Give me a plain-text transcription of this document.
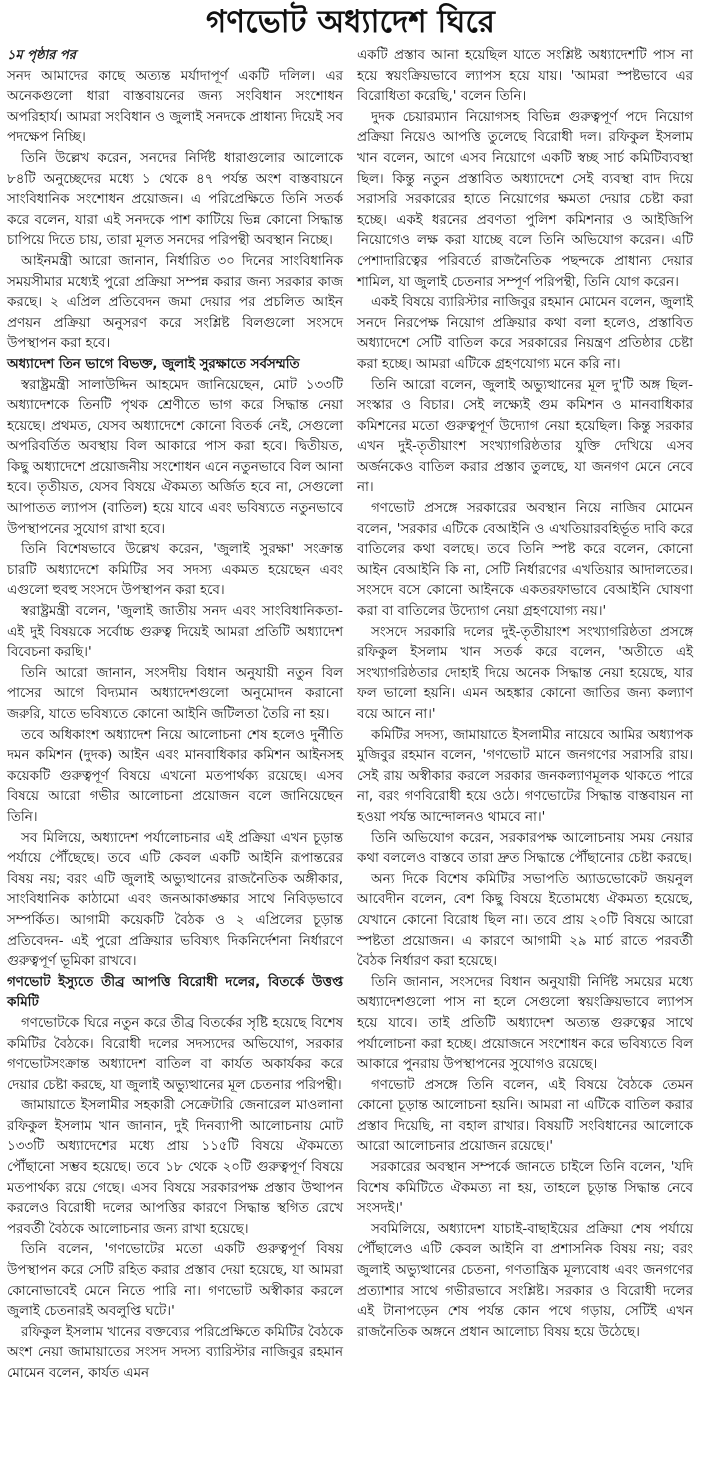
গণভোট অধ্যাদেশ ঘিরে
১ম পৃষ্ঠার পর

সনদ আমাদের কাছে অত্যন্ত মর্যাদাপূর্ণ একটি দলিল। এর অনেকগুলো ধারা বাস্তবায়নের জন্য সংবিধান সংশোধন অপরিহার্য। আমরা সংবিধান ও জুলাই সনদকে প্রাধান্য দিয়েই সব পদক্ষেপ নিচ্ছি।

তিনি উল্লেখ করেন, সনদের নির্দিষ্ট ধারাগুলোর আলোকে ৮৪টি অনুচ্ছেদের মধ্যে ১ থেকে ৪৭ পর্যন্ত অংশ বাস্তবায়নে সাংবিধানিক সংশোধন প্রয়োজন। এ পরিপ্রেক্ষিতে তিনি সতর্ক করে বলেন, যারা এই সনদকে পাশ কাটিয়ে ভিন্ন কোনো সিদ্ধান্ত চাপিয়ে দিতে চায়, তারা মূলত সনদের পরিপন্থী অবস্থান নিচ্ছে।

আইনমন্ত্রী আরো জানান, নির্ধারিত ৩০ দিনের সাংবিধানিক সময়সীমার মধ্যেই পুরো প্রক্রিয়া সম্পন্ন করার জন্য সরকার কাজ করছে। ২ এপ্রিল প্রতিবেদন জমা দেয়ার পর প্রচলিত আইন প্রণয়ন প্রক্রিয়া অনুসরণ করে সংশ্লিষ্ট বিলগুলো সংসদে উপস্থাপন করা হবে।

অধ্যাদেশ তিন ভাগে বিভক্ত, জুলাই সুরক্ষাতে সর্বসম্মতি

স্বরাষ্ট্রমন্ত্রী সালাউদ্দিন আহমেদ জানিয়েছেন, মোট ১৩৩টি অধ্যাদেশকে তিনটি পৃথক শ্রেণীতে ভাগ করে সিদ্ধান্ত নেয়া হয়েছে। প্রথমত, যেসব অধ্যাদেশে কোনো বিতর্ক নেই, সেগুলো অপরিবর্তিত অবস্থায় বিল আকারে পাস করা হবে। দ্বিতীয়ত, কিছু অধ্যাদেশে প্রয়োজনীয় সংশোধন এনে নতুনভাবে বিল আনা হবে। তৃতীয়ত, যেসব বিষয়ে ঐকমত্য অর্জিত হবে না, সেগুলো আপাতত ল্যাপস (বাতিল) হয়ে যাবে এবং ভবিষ্যতে নতুনভাবে উপস্থাপনের সুযোগ রাখা হবে।

তিনি বিশেষভাবে উল্লেখ করেন, 'জুলাই সুরক্ষা' সংক্রান্ত চারটি অধ্যাদেশে কমিটির সব সদস্য একমত হয়েছেন এবং এগুলো হুবহু সংসদে উপস্থাপন করা হবে।

স্বরাষ্ট্রমন্ত্রী বলেন, 'জুলাই জাতীয় সনদ এবং সাংবিধানিকতা- এই দুই বিষয়কে সর্বোচ্চ গুরুত্ব দিয়েই আমরা প্রতিটি অধ্যাদেশ বিবেচনা করছি।'

তিনি আরো জানান, সংসদীয় বিধান অনুযায়ী নতুন বিল পাসের আগে বিদ্যমান অধ্যাদেশগুলো অনুমোদন করানো জরুরি, যাতে ভবিষ্যতে কোনো আইনি জটিলতা তৈরি না হয়।

তবে অধিকাংশ অধ্যাদেশ নিয়ে আলোচনা শেষ হলেও দুর্নীতি দমন কমিশন (দুদক) আইন এবং মানবাধিকার কমিশন আইনসহ কয়েকটি গুরুত্বপূর্ণ বিষয়ে এখনো মতপার্থক্য রয়েছে। এসব বিষয়ে আরো গভীর আলোচনা প্রয়োজন বলে জানিয়েছেন তিনি।

সব মিলিয়ে, অধ্যাদেশ পর্যালোচনার এই প্রক্রিয়া এখন চূড়ান্ত পর্যায়ে পৌঁছেছে। তবে এটি কেবল একটি আইনি রূপান্তরের বিষয় নয়; বরং এটি জুলাই অভ্যুত্থানের রাজনৈতিক অঙ্গীকার, সাংবিধানিক কাঠামো এবং জনআকাঙ্ক্ষার সাথে নিবিড়ভাবে সম্পর্কিত। আগামী কয়েকটি বৈঠক ও ২ এপ্রিলের চূড়ান্ত প্রতিবেদন- এই পুরো প্রক্রিয়ার ভবিষ্যৎ দিকনির্দেশনা নির্ধারণে গুরুত্বপূর্ণ ভূমিকা রাখবে।

গণভোট ইস্যুতে তীব্র আপত্তি বিরোধী দলের, বিতর্কে উত্তপ্ত কমিটি

গণভোটকে ঘিরে নতুন করে তীব্র বিতর্কের সৃষ্টি হয়েছে বিশেষ কমিটির বৈঠকে। বিরোধী দলের সদস্যদের অভিযোগ, সরকার গণভোটসংক্রান্ত অধ্যাদেশ বাতিল বা কার্যত অকার্যকর করে দেয়ার চেষ্টা করছে, যা জুলাই অভ্যুত্থানের মূল চেতনার পরিপন্থী।

জামায়াতে ইসলামীর সহকারী সেক্রেটারি জেনারেল মাওলানা রফিকুল ইসলাম খান জানান, দুই দিনব্যাপী আলোচনায় মোট ১৩৩টি অধ্যাদেশের মধ্যে প্রায় ১১৫টি বিষয়ে ঐকমত্যে পৌঁছানো সম্ভব হয়েছে। তবে ১৮ থেকে ২০টি গুরুত্বপূর্ণ বিষয়ে মতপার্থক্য রয়ে গেছে। এসব বিষয়ে সরকারপক্ষ প্রস্তাব উত্থাপন করলেও বিরোধী দলের আপত্তির কারণে সিদ্ধান্ত স্থগিত রেখে পরবর্তী বৈঠকে আলোচনার জন্য রাখা হয়েছে।

তিনি বলেন, 'গণভোটের মতো একটি গুরুত্বপূর্ণ বিষয় উপস্থাপন করে সেটি রহিত করার প্রস্তাব দেয়া হয়েছে, যা আমরা কোনোভাবেই মেনে নিতে পারি না। গণভোট অস্বীকার করলে জুলাই চেতনারই অবলুপ্তি ঘটে।'

রফিকুল ইসলাম খানের বক্তব্যের পরিপ্রেক্ষিতে কমিটির বৈঠকে অংশ নেয়া জামায়াতের সংসদ সদস্য ব্যারিস্টার নাজিবুর রহমান মোমেন বলেন, কার্যত এমন

একটি প্রস্তাব আনা হয়েছিল যাতে সংশ্লিষ্ট অধ্যাদেশটি পাস না হয়ে স্বয়ংক্রিয়ভাবে ল্যাপস হয়ে যায়। 'আমরা স্পষ্টভাবে এর বিরোধিতা করেছি,' বলেন তিনি।

দুদক চেয়ারম্যান নিয়োগসহ বিভিন্ন গুরুত্বপূর্ণ পদে নিয়োগ প্রক্রিয়া নিয়েও আপত্তি তুলেছে বিরোধী দল। রফিকুল ইসলাম খান বলেন, আগে এসব নিয়োগে একটি স্বচ্ছ সার্চ কমিটিব্যবস্থা ছিল। কিন্তু নতুন প্রস্তাবিত অধ্যাদেশে সেই ব্যবস্থা বাদ দিয়ে সরাসরি সরকারের হাতে নিয়োগের ক্ষমতা দেয়ার চেষ্টা করা হচ্ছে। একই ধরনের প্রবণতা পুলিশ কমিশনার ও আইজিপি নিয়োগেও লক্ষ করা যাচ্ছে বলে তিনি অভিযোগ করেন। এটি পেশাদারিত্বের পরিবর্তে রাজনৈতিক পছন্দকে প্রাধান্য দেয়ার শামিল, যা জুলাই চেতনার সম্পূর্ণ পরিপন্থী, তিনি যোগ করেন।

একই বিষয়ে ব্যারিস্টার নাজিবুর রহমান মোমেন বলেন, জুলাই সনদে নিরপেক্ষ নিয়োগ প্রক্রিয়ার কথা বলা হলেও, প্রস্তাবিত অধ্যাদেশে সেটি বাতিল করে সরকারের নিয়ন্ত্রণ প্রতিষ্ঠার চেষ্টা করা হচ্ছে। আমরা এটিকে গ্রহণযোগ্য মনে করি না।

তিনি আরো বলেন, জুলাই অভ্যুত্থানের মূল দু'টি অঙ্গ ছিল- সংস্কার ও বিচার। সেই লক্ষ্যেই গুম কমিশন ও মানবাধিকার কমিশনের মতো গুরুত্বপূর্ণ উদ্যোগ নেয়া হয়েছিল। কিন্তু সরকার এখন দুই-তৃতীয়াংশ সংখ্যাগরিষ্ঠতার যুক্তি দেখিয়ে এসব অর্জনকেও বাতিল করার প্রস্তাব তুলছে, যা জনগণ মেনে নেবে না।

গণভোট প্রসঙ্গে সরকারের অবস্থান নিয়ে নাজিব মোমেন বলেন, 'সরকার এটিকে বেআইনি ও এখতিয়ারবহির্ভূত দাবি করে বাতিলের কথা বলছে। তবে তিনি স্পষ্ট করে বলেন, কোনো আইন বেআইনি কি না, সেটি নির্ধারণের এখতিয়ার আদালতের। সংসদে বসে কোনো আইনকে একতরফাভাবে বেআইনি ঘোষণা করা বা বাতিলের উদ্যোগ নেয়া গ্রহণযোগ্য নয়।'

সংসদে সরকারি দলের দুই-তৃতীয়াংশ সংখ্যাগরিষ্ঠতা প্রসঙ্গে রফিকুল ইসলাম খান সতর্ক করে বলেন, 'অতীতে এই সংখ্যাগরিষ্ঠতার দোহাই দিয়ে অনেক সিদ্ধান্ত নেয়া হয়েছে, যার ফল ভালো হয়নি। এমন অহঙ্কার কোনো জাতির জন্য কল্যাণ বয়ে আনে না।'

কমিটির সদস্য, জামায়াতে ইসলামীর নায়েবে আমির অধ্যাপক মুজিবুর রহমান বলেন, 'গণভোট মানে জনগণের সরাসরি রায়। সেই রায় অস্বীকার করলে সরকার জনকল্যাণমূলক থাকতে পারে না, বরং গণবিরোধী হয়ে ওঠে। গণভোটের সিদ্ধান্ত বাস্তবায়ন না হওয়া পর্যন্ত আন্দোলনও থামবে না।'

তিনি অভিযোগ করেন, সরকারপক্ষ আলোচনায় সময় নেয়ার কথা বললেও বাস্তবে তারা দ্রুত সিদ্ধান্তে পৌঁছানোর চেষ্টা করছে।

অন্য দিকে বিশেষ কমিটির সভাপতি অ্যাডভোকেট জয়নুল আবেদীন বলেন, বেশ কিছু বিষয়ে ইতোমধ্যে ঐকমত্য হয়েছে, যেখানে কোনো বিরোধ ছিল না। তবে প্রায় ২০টি বিষয়ে আরো স্পষ্টতা প্রয়োজন। এ কারণে আগামী ২৯ মার্চ রাতে পরবর্তী বৈঠক নির্ধারণ করা হয়েছে।

তিনি জানান, সংসদের বিধান অনুযায়ী নির্দিষ্ট সময়ের মধ্যে অধ্যাদেশগুলো পাস না হলে সেগুলো স্বয়ংক্রিয়ভাবে ল্যাপস হয়ে যাবে। তাই প্রতিটি অধ্যাদেশ অত্যন্ত গুরুত্বের সাথে পর্যালোচনা করা হচ্ছে। প্রয়োজনে সংশোধন করে ভবিষ্যতে বিল আকারে পুনরায় উপস্থাপনের সুযোগও রয়েছে।

গণভোট প্রসঙ্গে তিনি বলেন, এই বিষয়ে বৈঠকে তেমন কোনো চূড়ান্ত আলোচনা হয়নি। আমরা না এটিকে বাতিল করার প্রস্তাব দিয়েছি, না বহাল রাখার। বিষয়টি সংবিধানের আলোকে আরো আলোচনার প্রয়োজন রয়েছে।'

সরকারের অবস্থান সম্পর্কে জানতে চাইলে তিনি বলেন, 'যদি বিশেষ কমিটিতে ঐকমত্য না হয়, তাহলে চূড়ান্ত সিদ্ধান্ত নেবে সংসদই।'

সবমিলিয়ে, অধ্যাদেশ যাচাই-বাছাইয়ের প্রক্রিয়া শেষ পর্যায়ে পৌঁছালেও এটি কেবল আইনি বা প্রশাসনিক বিষয় নয়; বরং জুলাই অভ্যুত্থানের চেতনা, গণতান্ত্রিক মূল্যবোধ এবং জনগণের প্রত্যাশার সাথে গভীরভাবে সংশ্লিষ্ট। সরকার ও বিরোধী দলের এই টানাপড়েন শেষ পর্যন্ত কোন পথে গড়ায়, সেটিই এখন রাজনৈতিক অঙ্গনে প্রধান আলোচ্য বিষয় হয়ে উঠেছে।
